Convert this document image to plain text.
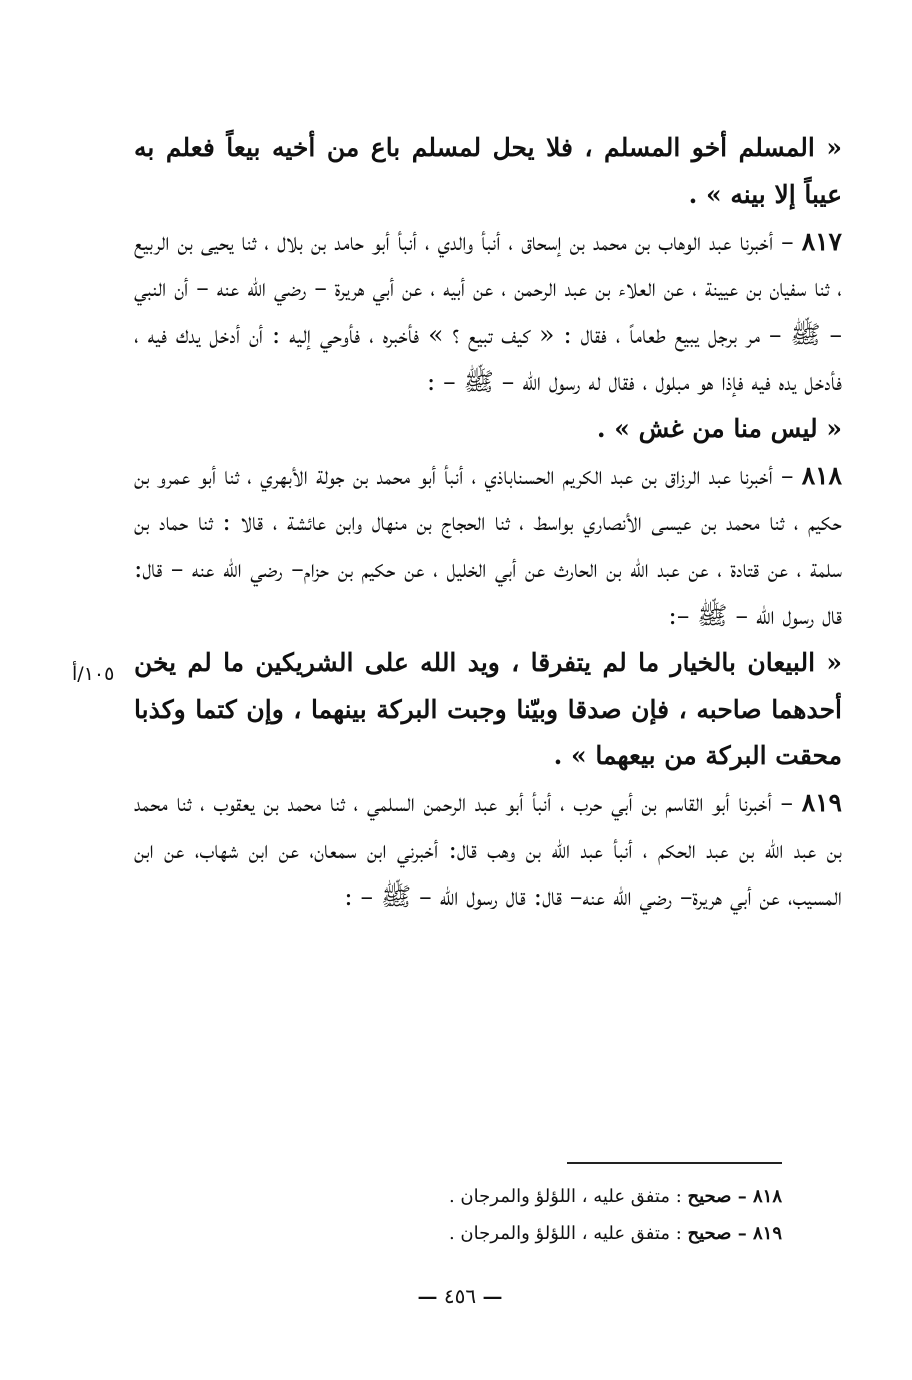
« المسلم أخو المسلم ، فلا يحل لمسلم باع من أخيه بيعاً فعلم به عيباً إلا بينه » .

٨١٧ – أخبرنا عبد الوهاب بن محمد بن إسحاق ، أنبأ والدي ، أنبأ أبو حامد بن بلال ، ثنا يحيى بن الربيع ، ثنا سفيان بن عيينة ، عن العلاء بن عبد الرحمن ، عن أبيه ، عن أبي هريرة – رضي الله عنه – أن النبي – ﷺ – مر برجل يبيع طعاماً ، فقال : « كيف تبيع ؟ » فأخبره ، فأوحي إليه : أن أدخل يدك فيه ، فأدخل يده فيه فإذا هو مبلول ، فقال له رسول الله – ﷺ – :

« ليس منا من غش » .

٨١٨ – أخبرنا عبد الرزاق بن عبد الكريم الحسناباذي ، أنبأ أبو محمد بن جولة الأبهري ، ثنا أبو عمرو بن حكيم ، ثنا محمد بن عيسى الأنصاري بواسط ، ثنا الحجاج بن منهال وابن عائشة ، قالا : ثنا حماد بن سلمة ، عن قتادة ، عن عبد الله بن الحارث عن أبي الخليل ، عن حكيم بن حزام– رضي الله عنه – قال: قال رسول الله – ﷺ –:

« البيعان بالخيار ما لم يتفرقا ، ويد الله على الشريكين ما لم يخن أحدهما صاحبه ، فإن صدقا وبيّنا وجبت البركة بينهما ، وإن كتما وكذبا محقت البركة من بيعهما » .

٨١٩ – أخبرنا أبو القاسم بن أبي حرب ، أنبأ أبو عبد الرحمن السلمي ، ثنا محمد بن يعقوب ، ثنا محمد بن عبد الله بن عبد الحكم ، أنبأ عبد الله بن وهب قال: أخبرني ابن سمعان، عن ابن شهاب، عن ابن المسيب، عن أبي هريرة– رضي الله عنه– قال: قال رسول الله – ﷺ – :

١٠٥/أ

٨١٨ – صحيح : متفق عليه ، اللؤلؤ والمرجان .

٨١٩ – صحيح : متفق عليه ، اللؤلؤ والمرجان .

— ٤٥٦ —
